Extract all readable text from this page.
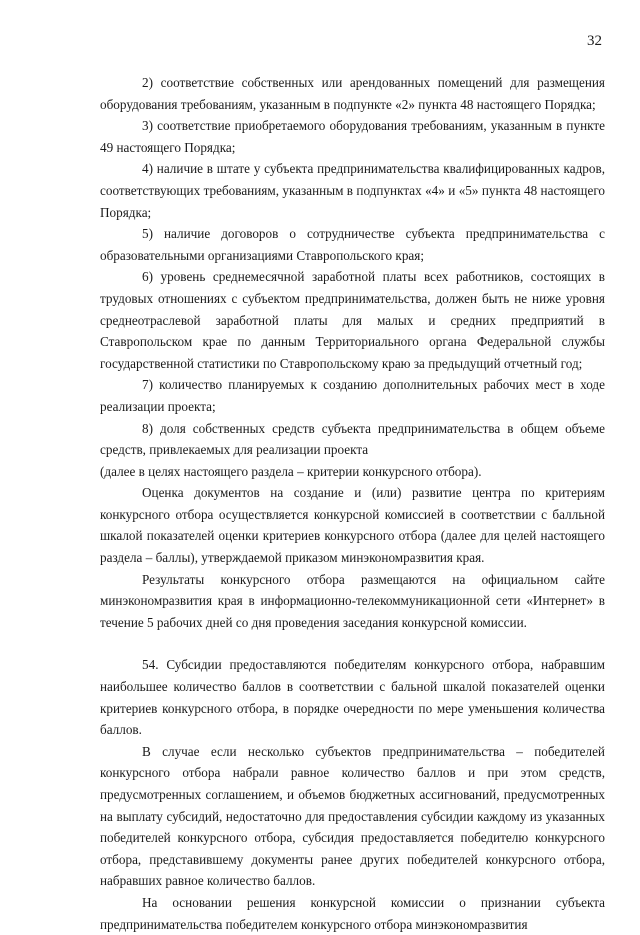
32

2) соответствие собственных или арендованных помещений для размещения оборудования требованиям, указанным в подпункте «2» пункта 48 настоящего Порядка;

3) соответствие приобретаемого оборудования требованиям, указанным в пункте 49 настоящего Порядка;

4) наличие в штате у субъекта предпринимательства квалифицированных кадров, соответствующих требованиям, указанным в подпунктах «4» и «5» пункта 48 настоящего Порядка;

5) наличие договоров о сотрудничестве субъекта предпринимательства с образовательными организациями Ставропольского края;

6) уровень среднемесячной заработной платы всех работников, состоящих в трудовых отношениях с субъектом предпринимательства, должен быть не ниже уровня среднеотраслевой заработной платы для малых и средних предприятий в Ставропольском крае по данным Территориального органа Федеральной службы государственной статистики по Ставропольскому краю за предыдущий отчетный год;

7) количество планируемых к созданию дополнительных рабочих мест в ходе реализации проекта;

8) доля собственных средств субъекта предпринимательства в общем объеме средств, привлекаемых для реализации проекта

(далее в целях настоящего раздела – критерии конкурсного отбора).

Оценка документов на создание и (или) развитие центра по критериям конкурсного отбора осуществляется конкурсной комиссией в соответствии с балльной шкалой показателей оценки критериев конкурсного отбора (далее для целей настоящего раздела – баллы), утверждаемой приказом минэкономразвития края.

Результаты конкурсного отбора размещаются на официальном сайте минэкономразвития края в информационно-телекоммуникационной сети «Интернет» в течение 5 рабочих дней со дня проведения заседания конкурсной комиссии.

54. Субсидии предоставляются победителям конкурсного отбора, набравшим наибольшее количество баллов в соответствии с бальной шкалой показателей оценки критериев конкурсного отбора, в порядке очередности по мере уменьшения количества баллов.

В случае если несколько субъектов предпринимательства – победителей конкурсного отбора набрали равное количество баллов и при этом средств, предусмотренных соглашением, и объемов бюджетных ассигнований, предусмотренных на выплату субсидий, недостаточно для предоставления субсидии каждому из указанных победителей конкурсного отбора, субсидия предоставляется победителю конкурсного отбора, представившему документы ранее других победителей конкурсного отбора, набравших равное количество баллов.

На основании решения конкурсной комиссии о признании субъекта предпринимательства победителем конкурсного отбора минэкономразвития
